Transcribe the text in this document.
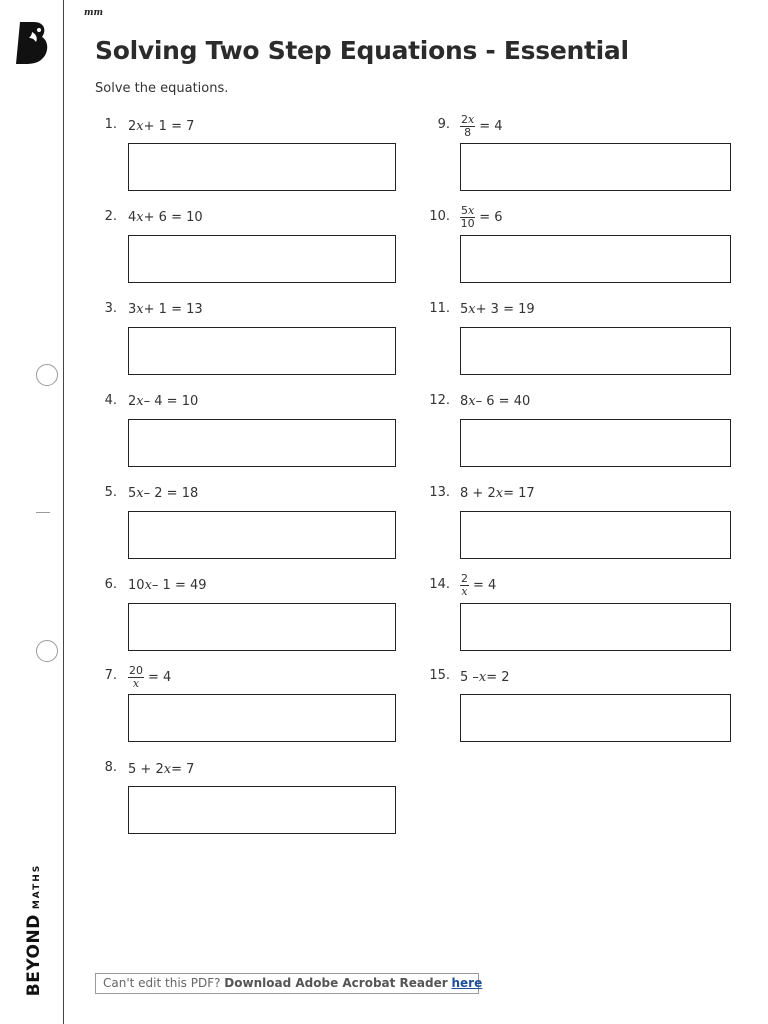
BEYOND
MATHS
mm
Solving Two Step Equations - Essential
Solve the equations.
1. 2 x + 1 = 7
2. 4 x + 6 = 10
3. 3 x + 1 = 13
4. 2 x – 4 = 10
5. 5 x – 2 = 18
6. 10 x – 1 = 49
7. $\frac{20}{x} = 4$
8. 5 + 2 x = 7
9. $\frac{2x}{8} = 4$
10. $\frac{5x}{10} = 6$
11. 5 x + 3 = 19
12. 8 x – 6 = 40
13. 8 + 2 x = 17
14. $\frac{2}{x} = 4$
15. 5 – x = 2
Can't edit this PDF? Download Adobe Acrobat Reader here
